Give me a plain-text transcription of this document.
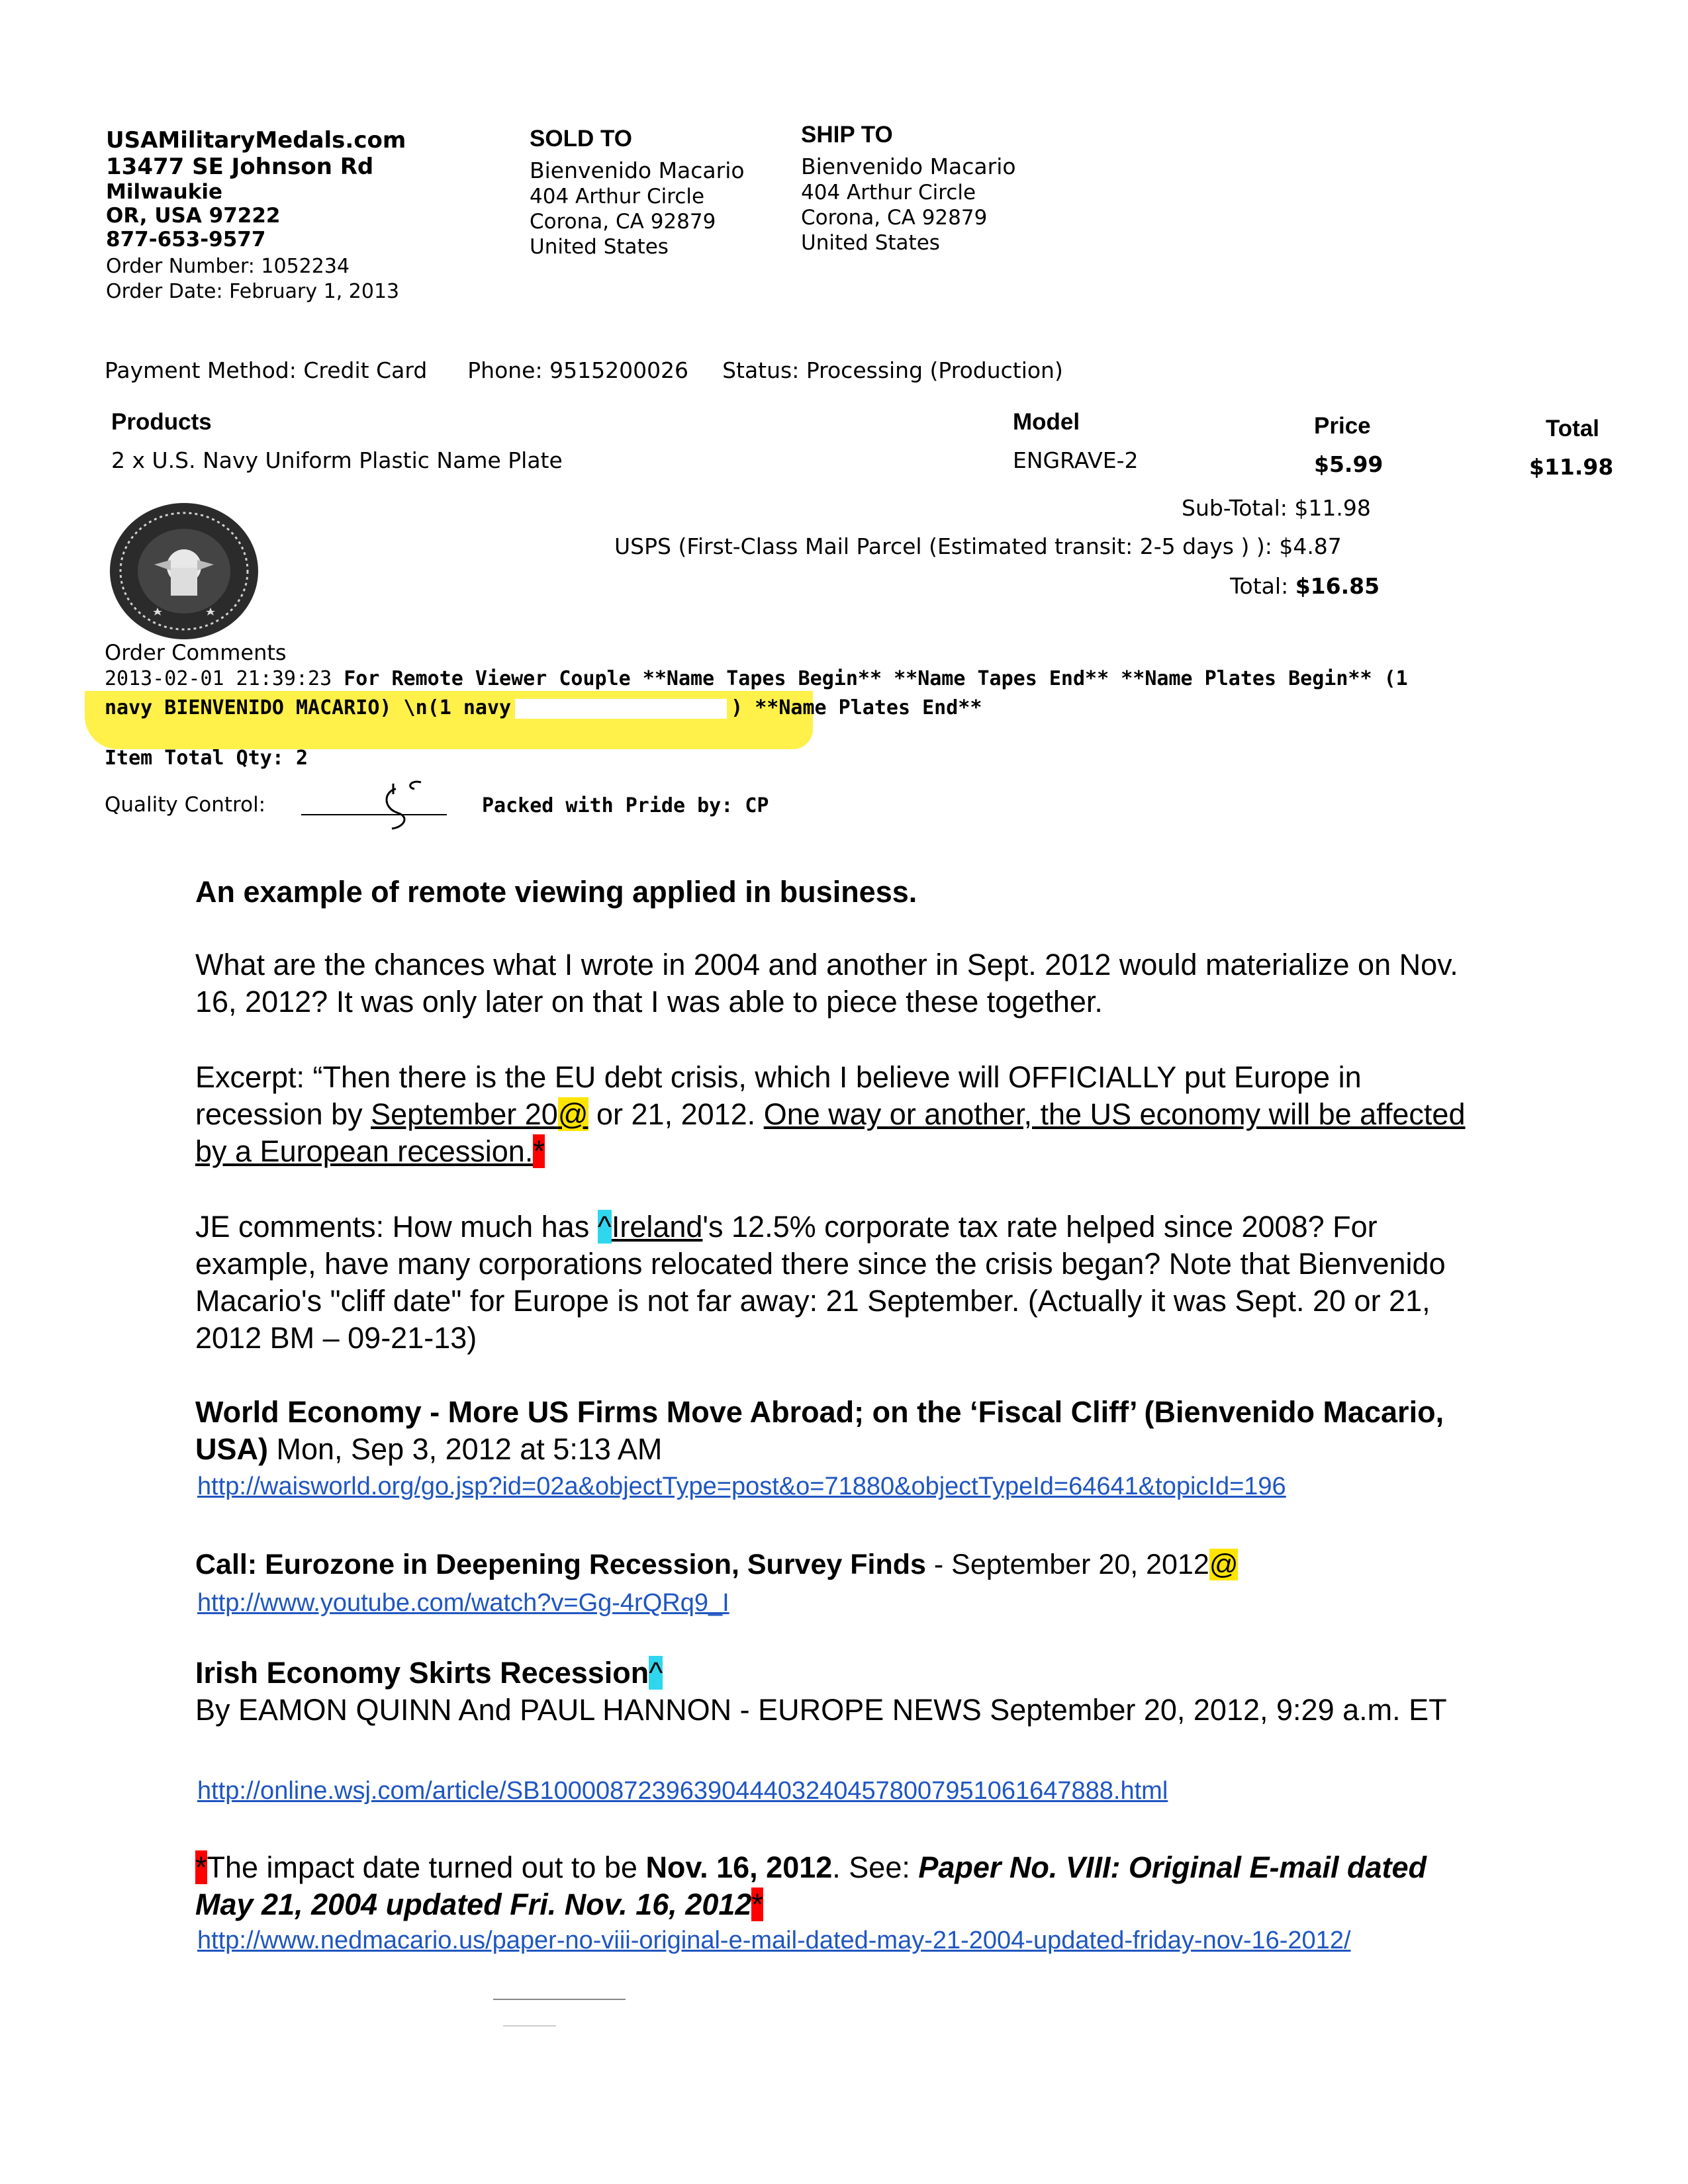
USAMilitaryMedals.com
13477 SE Johnson Rd
Milwaukie
OR, USA 97222
877-653-9577
Order Number: 1052234
Order Date: February 1, 2013
SOLD TO
Bienvenido Macario
404 Arthur Circle
Corona, CA 92879
United States
SHIP TO
Bienvenido Macario
404 Arthur Circle
Corona, CA 92879
United States
Payment Method: Credit Card Phone: 9515200026 Status: Processing (Production)
Products	Model	Price	Total
2 x U.S. Navy Uniform Plastic Name Plate	ENGRAVE-2	$5.99	$11.98
Sub-Total: $11.98
USPS (First-Class Mail Parcel (Estimated transit: 2-5 days ) ): $4.87
Total: $16.85
Order Comments
2013-02-01 21:39:23 For Remote Viewer Couple **Name Tapes Begin** **Name Tapes End** **Name Plates Begin** (1
navy BIENVENIDO MACARIO) \n(1 navy	) **Name Plates End**
Item Total Qty: 2
Quality Control:	Packed with Pride by: CP
An example of remote viewing applied in business.

What are the chances what I wrote in 2004 and another in Sept. 2012 would materialize on Nov. 16, 2012? It was only later on that I was able to piece these together.

Excerpt: “Then there is the EU debt crisis, which I believe will OFFICIALLY put Europe in recession by September 20@ or 21, 2012. One way or another, the US economy will be affected by a European recession.*

JE comments: How much has ^Ireland's 12.5% corporate tax rate helped since 2008? For example, have many corporations relocated there since the crisis began? Note that Bienvenido Macario's "cliff date" for Europe is not far away: 21 September. (Actually it was Sept. 20 or 21, 2012 BM – 09-21-13)

World Economy - More US Firms Move Abroad; on the ‘Fiscal Cliff’ (Bienvenido Macario, USA) Mon, Sep 3, 2012 at 5:13 AM

http://waisworld.org/go.jsp?id=02a&objectType=post&o=71880&objectTypeId=64641&topicId=196

Call: Eurozone in Deepening Recession, Survey Finds - September 20, 2012@

http://www.youtube.com/watch?v=Gg-4rQRq9_I

Irish Economy Skirts Recession^

By EAMON QUINN And PAUL HANNON - EUROPE NEWS September 20, 2012, 9:29 a.m. ET

http://online.wsj.com/article/SB10000872396390444032404578007951061647888.html

*The impact date turned out to be Nov. 16, 2012. See: Paper No. VIII: Original E-mail dated May 21, 2004 updated Fri. Nov. 16, 2012*

http://www.nedmacario.us/paper-no-viii-original-e-mail-dated-may-21-2004-updated-friday-nov-16-2012/
